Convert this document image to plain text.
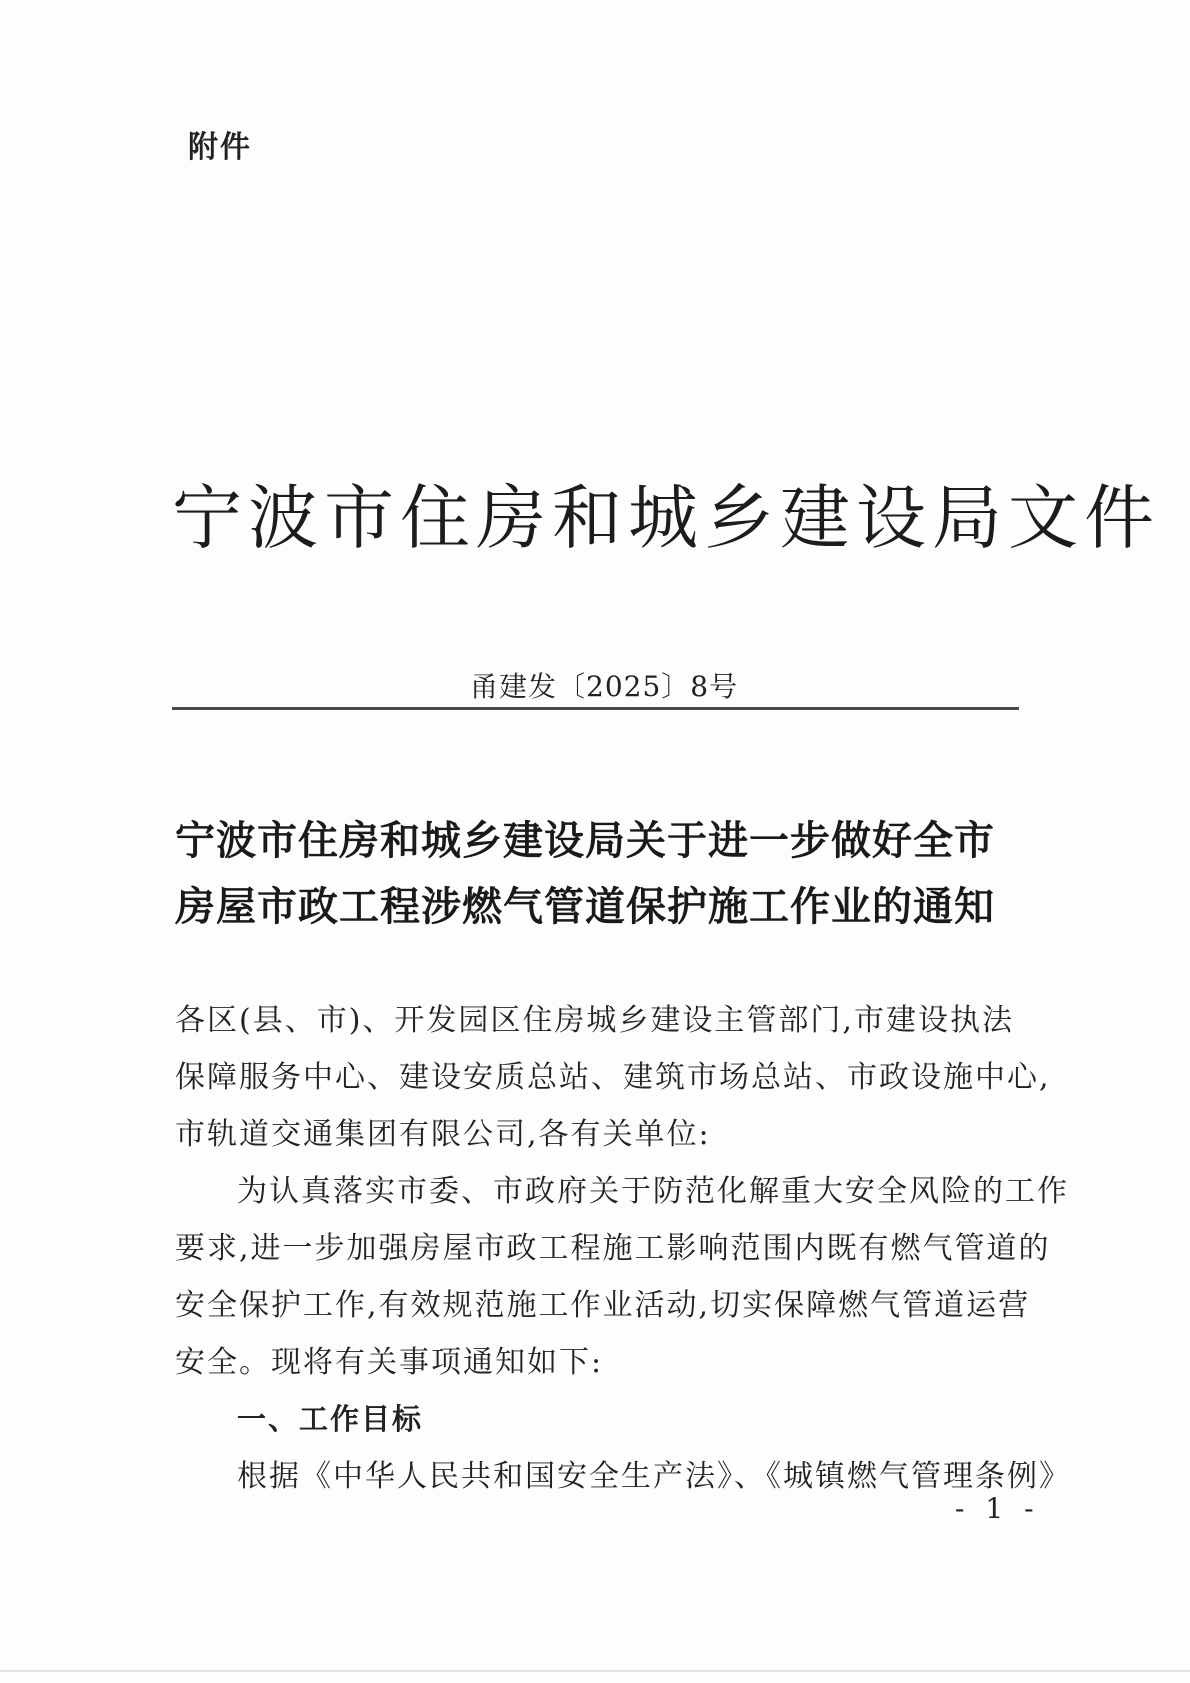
附件
宁波市住房和城乡建设局文件
甬建发〔2025〕8号
宁波市住房和城乡建设局关于进一步做好全市
房屋市政工程涉燃气管道保护施工作业的通知
各区(县、市)、开发园区住房城乡建设主管部门,市建设执法
保障服务中心、建设安质总站、建筑市场总站、市政设施中心,
市轨道交通集团有限公司,各有关单位:
为认真落实市委、市政府关于防范化解重大安全风险的工作
要求,进一步加强房屋市政工程施工影响范围内既有燃气管道的
安全保护工作,有效规范施工作业活动,切实保障燃气管道运营
安全。现将有关事项通知如下:
一、工作目标
根据《中华人民共和国安全生产法》、《城镇燃气管理条例》
- 1 -
